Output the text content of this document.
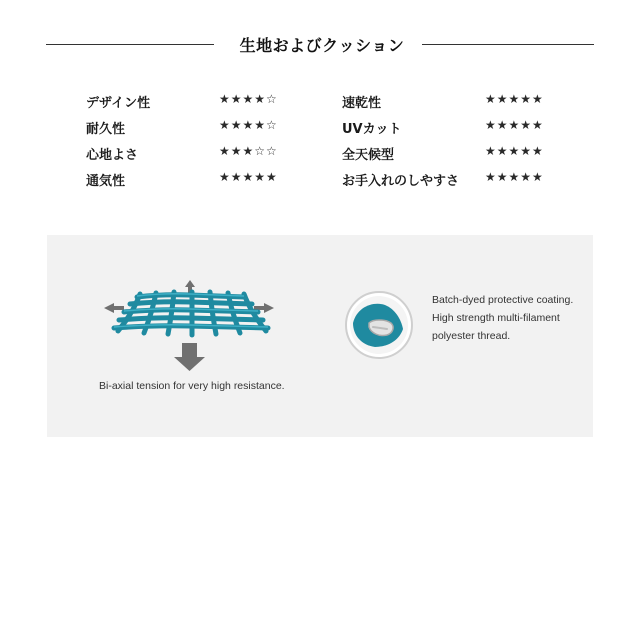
生地およびクッション
デザイン性	★★★★☆	速乾性	★★★★★
耐久性	★★★★☆	UVカット	★★★★★
心地よさ	★★★☆☆	全天候型	★★★★★
通気性	★★★★★	お手入れのしやすさ ★★★★★
Bi-axial tension for very high resistance.
Batch-dyed protective coating.
High strength multi-filament polyester thread.
